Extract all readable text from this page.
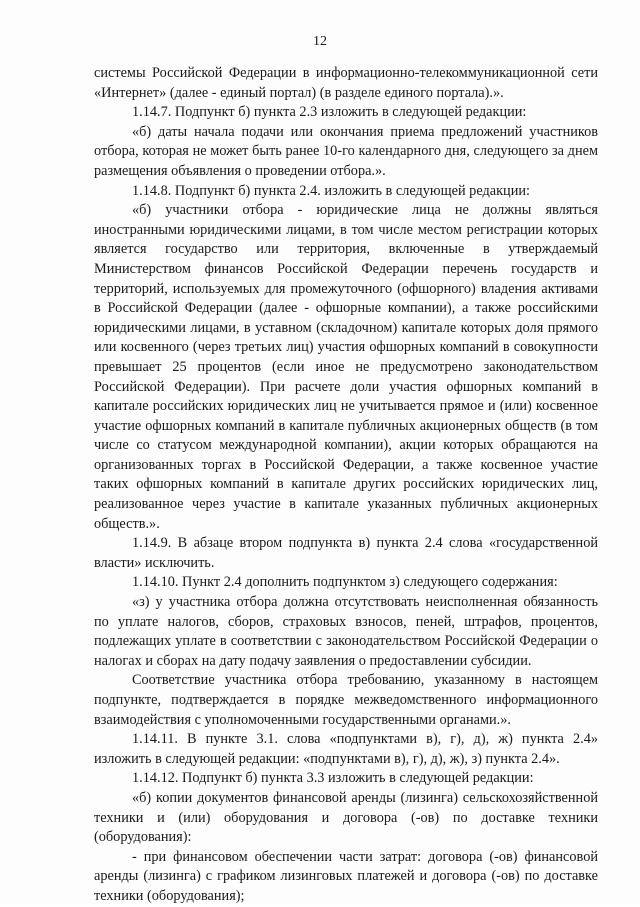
12

системы Российской Федерации в информационно-телекоммуникационной сети «Интернет» (далее - единый портал) (в разделе единого портала).».

1.14.7. Подпункт б) пункта 2.3 изложить в следующей редакции:

«б) даты начала подачи или окончания приема предложений участников отбора, которая не может быть ранее 10-го календарного дня, следующего за днем размещения объявления о проведении отбора.».

1.14.8. Подпункт б) пункта 2.4. изложить в следующей редакции:

«б) участники отбора - юридические лица не должны являться иностранными юридическими лицами, в том числе местом регистрации которых является государство или территория, включенные в утверждаемый Министерством финансов Российской Федерации перечень государств и территорий, используемых для промежуточного (офшорного) владения активами в Российской Федерации (далее - офшорные компании), а также российскими юридическими лицами, в уставном (складочном) капитале которых доля прямого или косвенного (через третьих лиц) участия офшорных компаний в совокупности превышает 25 процентов (если иное не предусмотрено законодательством Российской Федерации). При расчете доли участия офшорных компаний в капитале российских юридических лиц не учитывается прямое и (или) косвенное участие офшорных компаний в капитале публичных акционерных обществ (в том числе со статусом международной компании), акции которых обращаются на организованных торгах в Российской Федерации, а также косвенное участие таких офшорных компаний в капитале других российских юридических лиц, реализованное через участие в капитале указанных публичных акционерных обществ.».

1.14.9. В абзаце втором подпункта в) пункта 2.4 слова «государственной власти» исключить.

1.14.10. Пункт 2.4 дополнить подпунктом з) следующего содержания:

«з) у участника отбора должна отсутствовать неисполненная обязанность по уплате налогов, сборов, страховых взносов, пеней, штрафов, процентов, подлежащих уплате в соответствии с законодательством Российской Федерации о налогах и сборах на дату подачу заявления о предоставлении субсидии.

Соответствие участника отбора требованию, указанному в настоящем подпункте, подтверждается в порядке межведомственного информационного взаимодействия с уполномоченными государственными органами.».

1.14.11. В пункте 3.1. слова «подпунктами в), г), д), ж) пункта 2.4» изложить в следующей редакции: «подпунктами в), г), д), ж), з) пункта 2.4».

1.14.12. Подпункт б) пункта 3.3 изложить в следующей редакции:

«б) копии документов финансовой аренды (лизинга) сельскохозяйственной техники и (или) оборудования и договора (-ов) по доставке техники (оборудования):

- при финансовом обеспечении части затрат: договора (-ов) финансовой аренды (лизинга) с графиком лизинговых платежей и договора (-ов) по доставке техники (оборудования);
